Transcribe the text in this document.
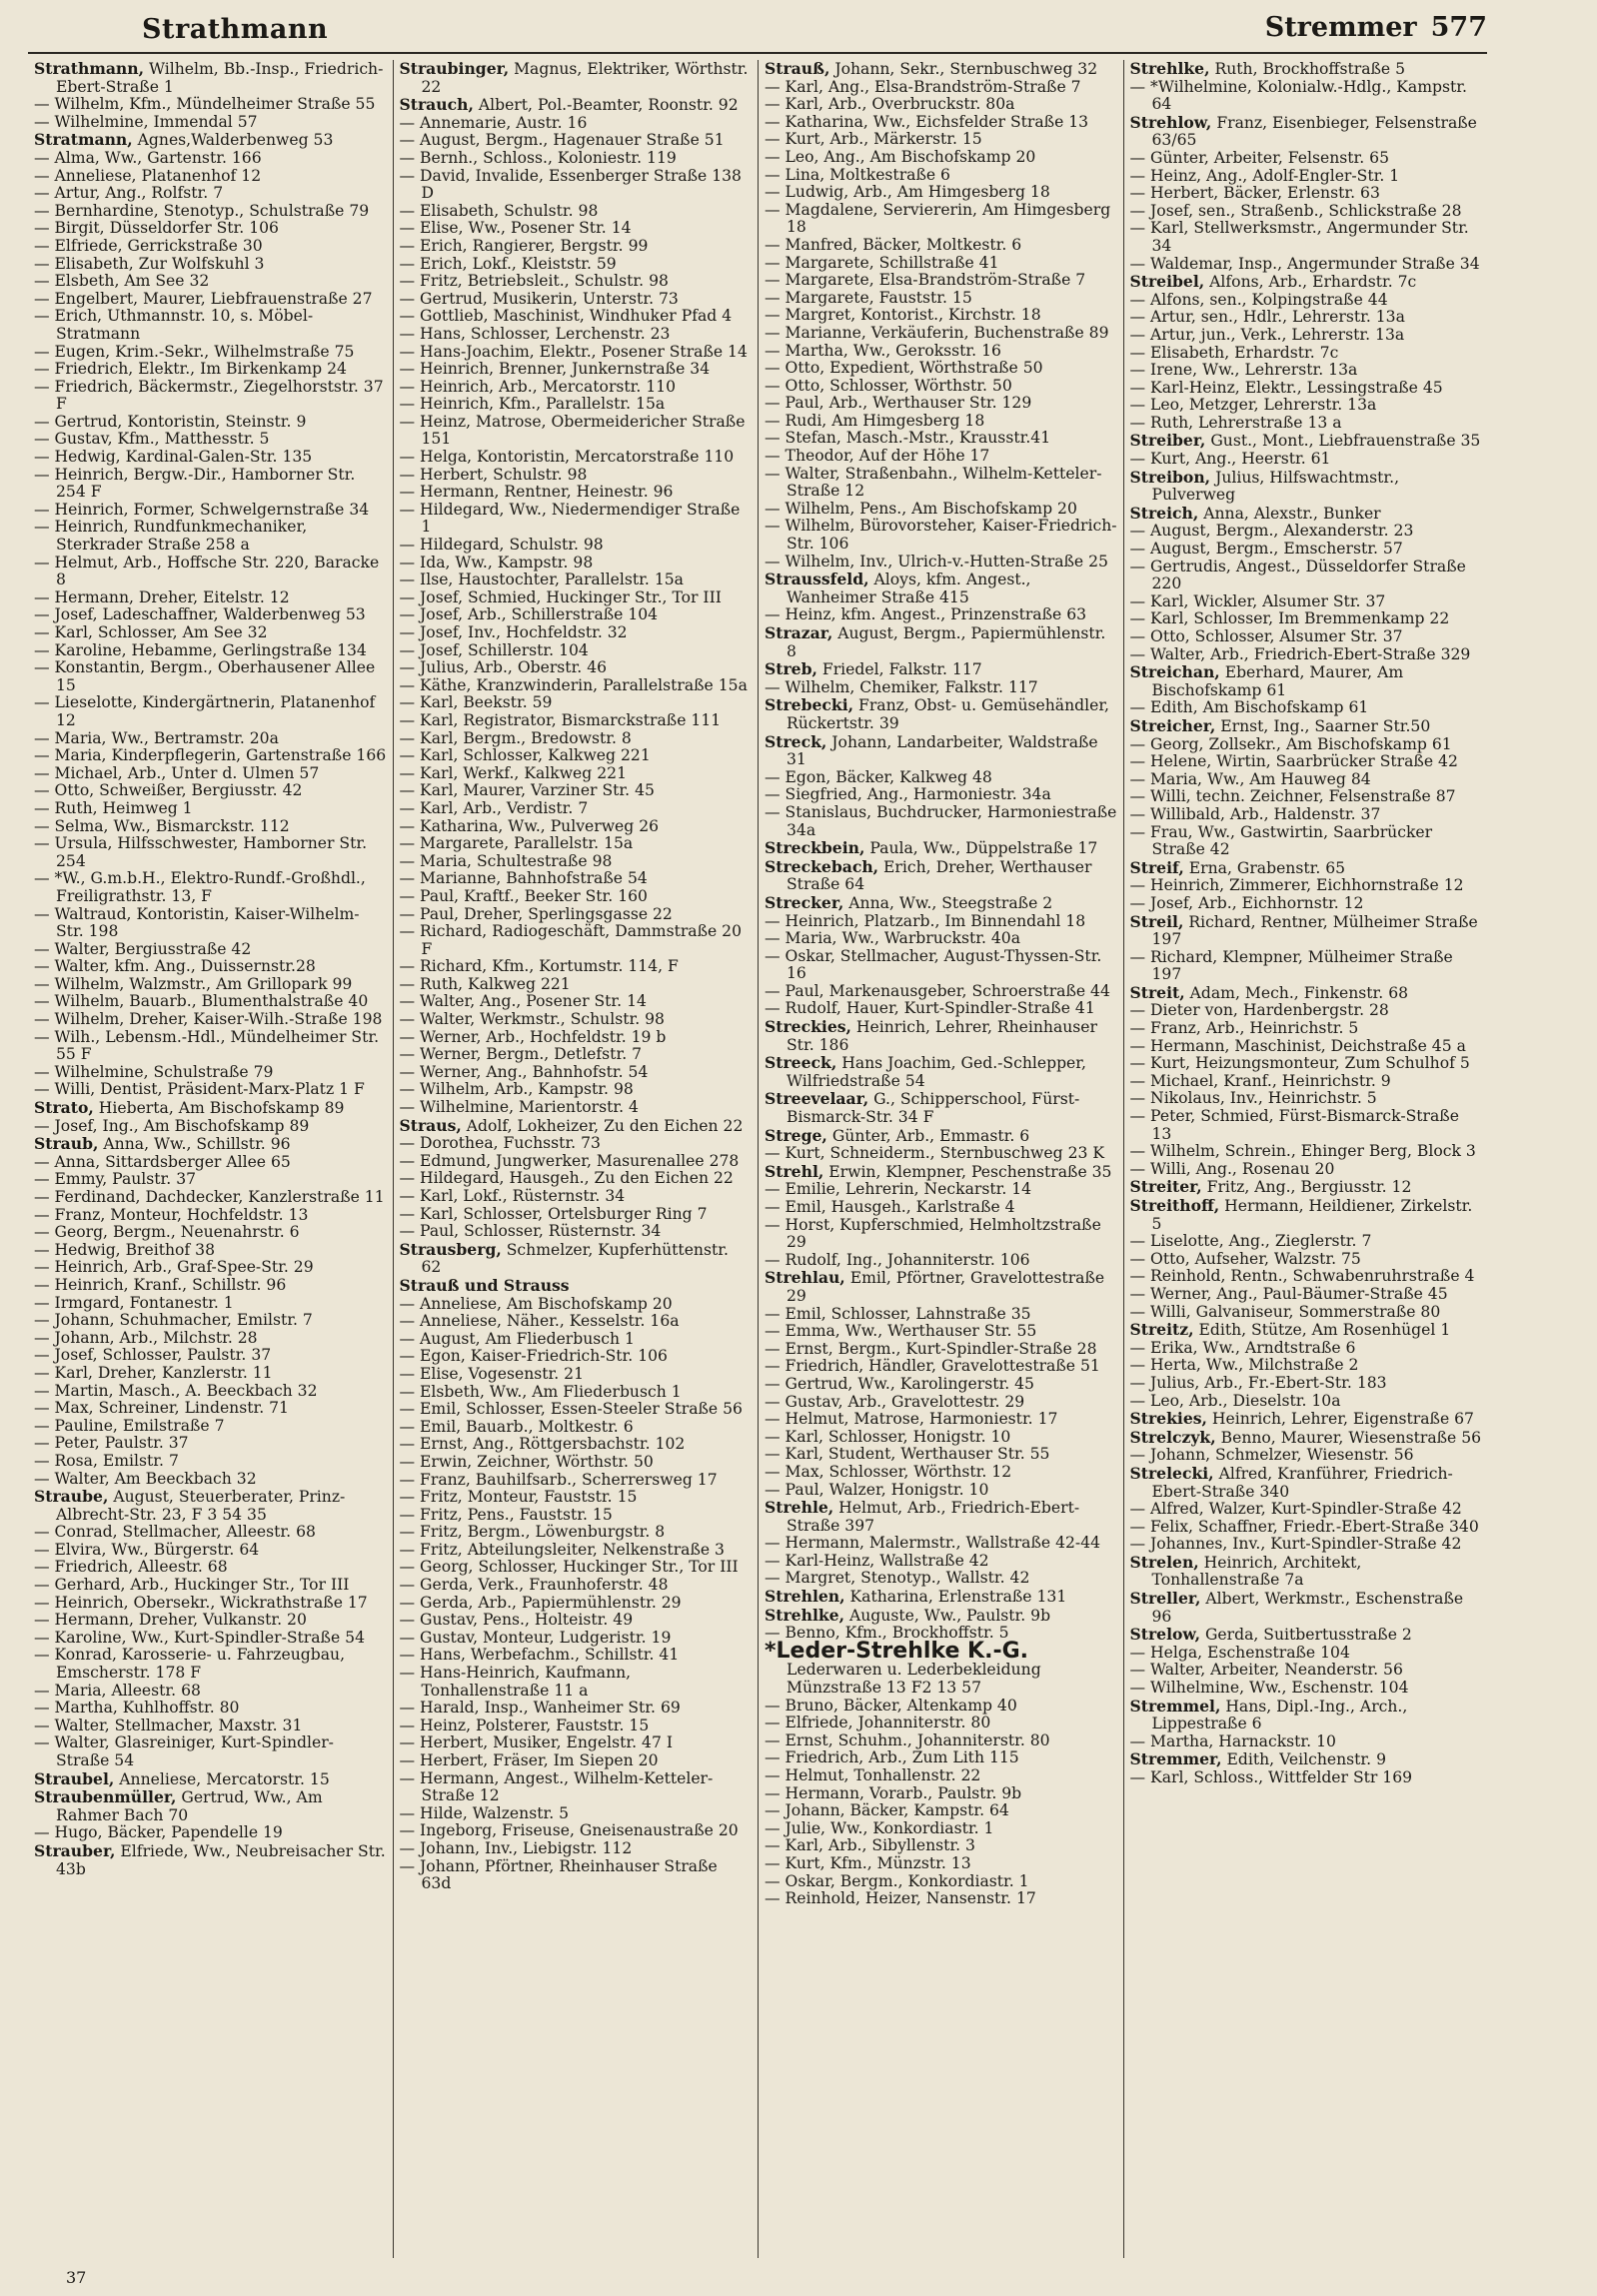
Strathmann	Stremmer 577

Strathmann, Wilhelm, Bb.-Insp., Friedrich-Ebert-Straße 1

— Wilhelm, Kfm., Mündelheimer Straße 55

— Wilhelmine, Immendal 57

Stratmann, Agnes,Walderbenweg 53

— Alma, Ww., Gartenstr. 166

— Anneliese, Platanenhof 12

— Artur, Ang., Rolfstr. 7

— Bernhardine, Stenotyp., Schulstraße 79

— Birgit, Düsseldorfer Str. 106

— Elfriede, Gerrickstraße 30

— Elisabeth, Zur Wolfskuhl 3

— Elsbeth, Am See 32

— Engelbert, Maurer, Liebfrauenstraße 27

— Erich, Uthmannstr. 10, s. Möbel-Stratmann

— Eugen, Krim.-Sekr., Wilhelmstraße 75

— Friedrich, Elektr., Im Birkenkamp 24

— Friedrich, Bäckermstr., Ziegelhorststr. 37 F

— Gertrud, Kontoristin, Steinstr. 9

— Gustav, Kfm., Matthesstr. 5

— Hedwig, Kardinal-Galen-Str. 135

— Heinrich, Bergw.-Dir., Hamborner Str. 254 F

— Heinrich, Former, Schwelgernstraße 34

— Heinrich, Rundfunkmechaniker, Sterkrader Straße 258 a

— Helmut, Arb., Hoffsche Str. 220, Baracke 8

— Hermann, Dreher, Eitelstr. 12

— Josef, Ladeschaffner, Walderbenweg 53

— Karl, Schlosser, Am See 32

— Karoline, Hebamme, Gerlingstraße 134

— Konstantin, Bergm., Oberhausener Allee 15

— Lieselotte, Kindergärtnerin, Platanenhof 12

— Maria, Ww., Bertramstr. 20a

— Maria, Kinderpflegerin, Gartenstraße 166

— Michael, Arb., Unter d. Ulmen 57

— Otto, Schweißer, Bergiusstr. 42

— Ruth, Heimweg 1

— Selma, Ww., Bismarckstr. 112

— Ursula, Hilfsschwester, Hamborner Str. 254

— *W., G.m.b.H., Elektro-Rundf.-Großhdl., Freiligrathstr. 13, F

— Waltraud, Kontoristin, Kaiser-Wilhelm-Str. 198

— Walter, Bergiusstraße 42

— Walter, kfm. Ang., Duissernstr.28

— Wilhelm, Walzmstr., Am Grillopark 99

— Wilhelm, Bauarb., Blumenthalstraße 40

— Wilhelm, Dreher, Kaiser-Wilh.-Straße 198

— Wilh., Lebensm.-Hdl., Mündelheimer Str. 55 F

— Wilhelmine, Schulstraße 79

— Willi, Dentist, Präsident-Marx-Platz 1 F

Strato, Hieberta, Am Bischofskamp 89

— Josef, Ing., Am Bischofskamp 89

Straub, Anna, Ww., Schillstr. 96

— Anna, Sittardsberger Allee 65

— Emmy, Paulstr. 37

— Ferdinand, Dachdecker, Kanzlerstraße 11

— Franz, Monteur, Hochfeldstr. 13

— Georg, Bergm., Neuenahrstr. 6

— Hedwig, Breithof 38

— Heinrich, Arb., Graf-Spee-Str. 29

— Heinrich, Kranf., Schillstr. 96

— Irmgard, Fontanestr. 1

— Johann, Schuhmacher, Emilstr. 7

— Johann, Arb., Milchstr. 28

— Josef, Schlosser, Paulstr. 37

— Karl, Dreher, Kanzlerstr. 11

— Martin, Masch., A. Beeckbach 32

— Max, Schreiner, Lindenstr. 71

— Pauline, Emilstraße 7

— Peter, Paulstr. 37

— Rosa, Emilstr. 7

— Walter, Am Beeckbach 32

Straube, August, Steuerberater, Prinz-Albrecht-Str. 23, F 3 54 35

— Conrad, Stellmacher, Alleestr. 68

— Elvira, Ww., Bürgerstr. 64

— Friedrich, Alleestr. 68

— Gerhard, Arb., Huckinger Str., Tor III

— Heinrich, Obersekr., Wickrathstraße 17

— Hermann, Dreher, Vulkanstr. 20

— Karoline, Ww., Kurt-Spindler-Straße 54

— Konrad, Karosserie- u. Fahrzeugbau, Emscherstr. 178 F

— Maria, Alleestr. 68

— Martha, Kuhlhoffstr. 80

— Walter, Stellmacher, Maxstr. 31

— Walter, Glasreiniger, Kurt-Spindler-Straße 54

Straubel, Anneliese, Mercatorstr. 15

Straubenmüller, Gertrud, Ww., Am Rahmer Bach 70

— Hugo, Bäcker, Papendelle 19

Strauber, Elfriede, Ww., Neubreisacher Str. 43b

Straubinger, Magnus, Elektriker, Wörthstr. 22

Strauch, Albert, Pol.-Beamter, Roonstr. 92

— Annemarie, Austr. 16

— August, Bergm., Hagenauer Straße 51

— Bernh., Schloss., Koloniestr. 119

— David, Invalide, Essenberger Straße 138 D

— Elisabeth, Schulstr. 98

— Elise, Ww., Posener Str. 14

— Erich, Rangierer, Bergstr. 99

— Erich, Lokf., Kleiststr. 59

— Fritz, Betriebsleit., Schulstr. 98

— Gertrud, Musikerin, Unterstr. 73

— Gottlieb, Maschinist, Windhuker Pfad 4

— Hans, Schlosser, Lerchenstr. 23

— Hans-Joachim, Elektr., Posener Straße 14

— Heinrich, Brenner, Junkernstraße 34

— Heinrich, Arb., Mercatorstr. 110

— Heinrich, Kfm., Parallelstr. 15a

— Heinz, Matrose, Obermeidericher Straße 151

— Helga, Kontoristin, Mercatorstraße 110

— Herbert, Schulstr. 98

— Hermann, Rentner, Heinestr. 96

— Hildegard, Ww., Niedermendiger Straße 1

— Hildegard, Schulstr. 98

— Ida, Ww., Kampstr. 98

— Ilse, Haustochter, Parallelstr. 15a

— Josef, Schmied, Huckinger Str., Tor III

— Josef, Arb., Schillerstraße 104

— Josef, Inv., Hochfeldstr. 32

— Josef, Schillerstr. 104

— Julius, Arb., Oberstr. 46

— Käthe, Kranzwinderin, Parallelstraße 15a

— Karl, Beekstr. 59

— Karl, Registrator, Bismarckstraße 111

— Karl, Bergm., Bredowstr. 8

— Karl, Schlosser, Kalkweg 221

— Karl, Werkf., Kalkweg 221

— Karl, Maurer, Varziner Str. 45

— Karl, Arb., Verdistr. 7

— Katharina, Ww., Pulverweg 26

— Margarete, Parallelstr. 15a

— Maria, Schultestraße 98

— Marianne, Bahnhofstraße 54

— Paul, Kraftf., Beeker Str. 160

— Paul, Dreher, Sperlingsgasse 22

— Richard, Radiogeschäft, Dammstraße 20 F

— Richard, Kfm., Kortumstr. 114, F

— Ruth, Kalkweg 221

— Walter, Ang., Posener Str. 14

— Walter, Werkmstr., Schulstr. 98

— Werner, Arb., Hochfeldstr. 19 b

— Werner, Bergm., Detlefstr. 7

— Werner, Ang., Bahnhofstr. 54

— Wilhelm, Arb., Kampstr. 98

— Wilhelmine, Marientorstr. 4

Straus, Adolf, Lokheizer, Zu den Eichen 22

— Dorothea, Fuchsstr. 73

— Edmund, Jungwerker, Masurenallee 278

— Hildegard, Hausgeh., Zu den Eichen 22

— Karl, Lokf., Rüsternstr. 34

— Karl, Schlosser, Ortelsburger Ring 7

— Paul, Schlosser, Rüsternstr. 34

Strausberg, Schmelzer, Kupferhüttenstr. 62

Strauß und Strauss

— Anneliese, Am Bischofskamp 20

— Anneliese, Näher., Kesselstr. 16a

— August, Am Fliederbusch 1

— Egon, Kaiser-Friedrich-Str. 106

— Elise, Vogesenstr. 21

— Elsbeth, Ww., Am Fliederbusch 1

— Emil, Schlosser, Essen-Steeler Straße 56

— Emil, Bauarb., Moltkestr. 6

— Ernst, Ang., Röttgersbachstr. 102

— Erwin, Zeichner, Wörthstr. 50

— Franz, Bauhilfsarb., Scherrersweg 17

— Fritz, Monteur, Fauststr. 15

— Fritz, Pens., Fauststr. 15

— Fritz, Bergm., Löwenburgstr. 8

— Fritz, Abteilungsleiter, Nelkenstraße 3

— Georg, Schlosser, Huckinger Str., Tor III

— Gerda, Verk., Fraunhoferstr. 48

— Gerda, Arb., Papiermühlenstr. 29

— Gustav, Pens., Holteistr. 49

— Gustav, Monteur, Ludgeristr. 19

— Hans, Werbefachm., Schillstr. 41

— Hans-Heinrich, Kaufmann, Tonhallenstraße 11 a

— Harald, Insp., Wanheimer Str. 69

— Heinz, Polsterer, Fauststr. 15

— Herbert, Musiker, Engelstr. 47 I

— Herbert, Fräser, Im Siepen 20

— Hermann, Angest., Wilhelm-Ketteler-Straße 12

— Hilde, Walzenstr. 5

— Ingeborg, Friseuse, Gneisenaustraße 20

— Johann, Inv., Liebigstr. 112

— Johann, Pförtner, Rheinhauser Straße 63d

Strauß, Johann, Sekr., Sternbuschweg 32

— Karl, Ang., Elsa-Brandström-Straße 7

— Karl, Arb., Overbruckstr. 80a

— Katharina, Ww., Eichsfelder Straße 13

— Kurt, Arb., Märkerstr. 15

— Leo, Ang., Am Bischofskamp 20

— Lina, Moltkestraße 6

— Ludwig, Arb., Am Himgesberg 18

— Magdalene, Serviererin, Am Himgesberg 18

— Manfred, Bäcker, Moltkestr. 6

— Margarete, Schillstraße 41

— Margarete, Elsa-Brandström-Straße 7

— Margarete, Fauststr. 15

— Margret, Kontorist., Kirchstr. 18

— Marianne, Verkäuferin, Buchenstraße 89

— Martha, Ww., Geroksstr. 16

— Otto, Expedient, Wörthstraße 50

— Otto, Schlosser, Wörthstr. 50

— Paul, Arb., Werthauser Str. 129

— Rudi, Am Himgesberg 18

— Stefan, Masch.-Mstr., Krausstr.41

— Theodor, Auf der Höhe 17

— Walter, Straßenbahn., Wilhelm-Ketteler-Straße 12

— Wilhelm, Pens., Am Bischofskamp 20

— Wilhelm, Bürovorsteher, Kaiser-Friedrich-Str. 106

— Wilhelm, Inv., Ulrich-v.-Hutten-Straße 25

Straussfeld, Aloys, kfm. Angest., Wanheimer Straße 415

— Heinz, kfm. Angest., Prinzenstraße 63

Strazar, August, Bergm., Papiermühlenstr. 8

Streb, Friedel, Falkstr. 117

— Wilhelm, Chemiker, Falkstr. 117

Strebecki, Franz, Obst- u. Gemüsehändler, Rückertstr. 39

Streck, Johann, Landarbeiter, Waldstraße 31

— Egon, Bäcker, Kalkweg 48

— Siegfried, Ang., Harmoniestr. 34a

— Stanislaus, Buchdrucker, Harmoniestraße 34a

Streckbein, Paula, Ww., Düppelstraße 17

Streckebach, Erich, Dreher, Werthauser Straße 64

Strecker, Anna, Ww., Steegstraße 2

— Heinrich, Platzarb., Im Binnendahl 18

— Maria, Ww., Warbruckstr. 40a

— Oskar, Stellmacher, August-Thyssen-Str. 16

— Paul, Markenausgeber, Schroerstraße 44

— Rudolf, Hauer, Kurt-Spindler-Straße 41

Streckies, Heinrich, Lehrer, Rheinhauser Str. 186

Streeck, Hans Joachim, Ged.-Schlepper, Wilfriedstraße 54

Streevelaar, G., Schipperschool, Fürst-Bismarck-Str. 34 F

Strege, Günter, Arb., Emmastr. 6

— Kurt, Schneiderm., Sternbuschweg 23 K

Strehl, Erwin, Klempner, Peschenstraße 35

— Emilie, Lehrerin, Neckarstr. 14

— Emil, Hausgeh., Karlstraße 4

— Horst, Kupferschmied, Helmholtzstraße 29

— Rudolf, Ing., Johanniterstr. 106

Strehlau, Emil, Pförtner, Gravelottestraße 29

— Emil, Schlosser, Lahnstraße 35

— Emma, Ww., Werthauser Str. 55

— Ernst, Bergm., Kurt-Spindler-Straße 28

— Friedrich, Händler, Gravelottestraße 51

— Gertrud, Ww., Karolingerstr. 45

— Gustav, Arb., Gravelottestr. 29

— Helmut, Matrose, Harmoniestr. 17

— Karl, Schlosser, Honigstr. 10

— Karl, Student, Werthauser Str. 55

— Max, Schlosser, Wörthstr. 12

— Paul, Walzer, Honigstr. 10

Strehle, Helmut, Arb., Friedrich-Ebert-Straße 397

— Hermann, Malermstr., Wallstraße 42-44

— Karl-Heinz, Wallstraße 42

— Margret, Stenotyp., Wallstr. 42

Strehlen, Katharina, Erlenstraße 131

Strehlke, Auguste, Ww., Paulstr. 9b

— Benno, Kfm., Brockhoffstr. 5

*Leder-Strehlke K.-G. Lederwaren u. Lederbekleidung Münzstraße 13 F2 13 57

— Bruno, Bäcker, Altenkamp 40

— Elfriede, Johanniterstr. 80

— Ernst, Schuhm., Johanniterstr. 80

— Friedrich, Arb., Zum Lith 115

— Helmut, Tonhallenstr. 22

— Hermann, Vorarb., Paulstr. 9b

— Johann, Bäcker, Kampstr. 64

— Julie, Ww., Konkordiastr. 1

— Karl, Arb., Sibyllenstr. 3

— Kurt, Kfm., Münzstr. 13

— Oskar, Bergm., Konkordiastr. 1

— Reinhold, Heizer, Nansenstr. 17

Strehlke, Ruth, Brockhoffstraße 5

— *Wilhelmine, Kolonialw.-Hdlg., Kampstr. 64

Strehlow, Franz, Eisenbieger, Felsenstraße 63/65

— Günter, Arbeiter, Felsenstr. 65

— Heinz, Ang., Adolf-Engler-Str. 1

— Herbert, Bäcker, Erlenstr. 63

— Josef, sen., Straßenb., Schlickstraße 28

— Karl, Stellwerksmstr., Angermunder Str. 34

— Waldemar, Insp., Angermunder Straße 34

Streibel, Alfons, Arb., Erhardstr. 7c

— Alfons, sen., Kolpingstraße 44

— Artur, sen., Hdlr., Lehrerstr. 13a

— Artur, jun., Verk., Lehrerstr. 13a

— Elisabeth, Erhardstr. 7c

— Irene, Ww., Lehrerstr. 13a

— Karl-Heinz, Elektr., Lessingstraße 45

— Leo, Metzger, Lehrerstr. 13a

— Ruth, Lehrerstraße 13 a

Streiber, Gust., Mont., Liebfrauenstraße 35

— Kurt, Ang., Heerstr. 61

Streibon, Julius, Hilfswachtmstr., Pulverweg

Streich, Anna, Alexstr., Bunker

— August, Bergm., Alexanderstr. 23

— August, Bergm., Emscherstr. 57

— Gertrudis, Angest., Düsseldorfer Straße 220

— Karl, Wickler, Alsumer Str. 37

— Karl, Schlosser, Im Bremmenkamp 22

— Otto, Schlosser, Alsumer Str. 37

— Walter, Arb., Friedrich-Ebert-Straße 329

Streichan, Eberhard, Maurer, Am Bischofskamp 61

— Edith, Am Bischofskamp 61

Streicher, Ernst, Ing., Saarner Str.50

— Georg, Zollsekr., Am Bischofskamp 61

— Helene, Wirtin, Saarbrücker Straße 42

— Maria, Ww., Am Hauweg 84

— Willi, techn. Zeichner, Felsenstraße 87

— Willibald, Arb., Haldenstr. 37

— Frau, Ww., Gastwirtin, Saarbrücker Straße 42

Streif, Erna, Grabenstr. 65

— Heinrich, Zimmerer, Eichhornstraße 12

— Josef, Arb., Eichhornstr. 12

Streil, Richard, Rentner, Mülheimer Straße 197

— Richard, Klempner, Mülheimer Straße 197

Streit, Adam, Mech., Finkenstr. 68

— Dieter von, Hardenbergstr. 28

— Franz, Arb., Heinrichstr. 5

— Hermann, Maschinist, Deichstraße 45 a

— Kurt, Heizungsmonteur, Zum Schulhof 5

— Michael, Kranf., Heinrichstr. 9

— Nikolaus, Inv., Heinrichstr. 5

— Peter, Schmied, Fürst-Bismarck-Straße 13

— Wilhelm, Schrein., Ehinger Berg, Block 3

— Willi, Ang., Rosenau 20

Streiter, Fritz, Ang., Bergiusstr. 12

Streithoff, Hermann, Heildiener, Zirkelstr. 5

— Liselotte, Ang., Zieglerstr. 7

— Otto, Aufseher, Walzstr. 75

— Reinhold, Rentn., Schwabenruhrstraße 4

— Werner, Ang., Paul-Bäumer-Straße 45

— Willi, Galvaniseur, Sommerstraße 80

Streitz, Edith, Stütze, Am Rosenhügel 1

— Erika, Ww., Arndtstraße 6

— Herta, Ww., Milchstraße 2

— Julius, Arb., Fr.-Ebert-Str. 183

— Leo, Arb., Dieselstr. 10a

Strekies, Heinrich, Lehrer, Eigenstraße 67

Strelczyk, Benno, Maurer, Wiesenstraße 56

— Johann, Schmelzer, Wiesenstr. 56

Strelecki, Alfred, Kranführer, Friedrich-Ebert-Straße 340

— Alfred, Walzer, Kurt-Spindler-Straße 42

— Felix, Schaffner, Friedr.-Ebert-Straße 340

— Johannes, Inv., Kurt-Spindler-Straße 42

Strelen, Heinrich, Architekt, Tonhallenstraße 7a

Streller, Albert, Werkmstr., Eschenstraße 96

Strelow, Gerda, Suitbertusstraße 2

— Helga, Eschenstraße 104

— Walter, Arbeiter, Neanderstr. 56

— Wilhelmine, Ww., Eschenstr. 104

Stremmel, Hans, Dipl.-Ing., Arch., Lippestraße 6

— Martha, Harnackstr. 10

Stremmer, Edith, Veilchenstr. 9

— Karl, Schloss., Wittfelder Str 169

37
